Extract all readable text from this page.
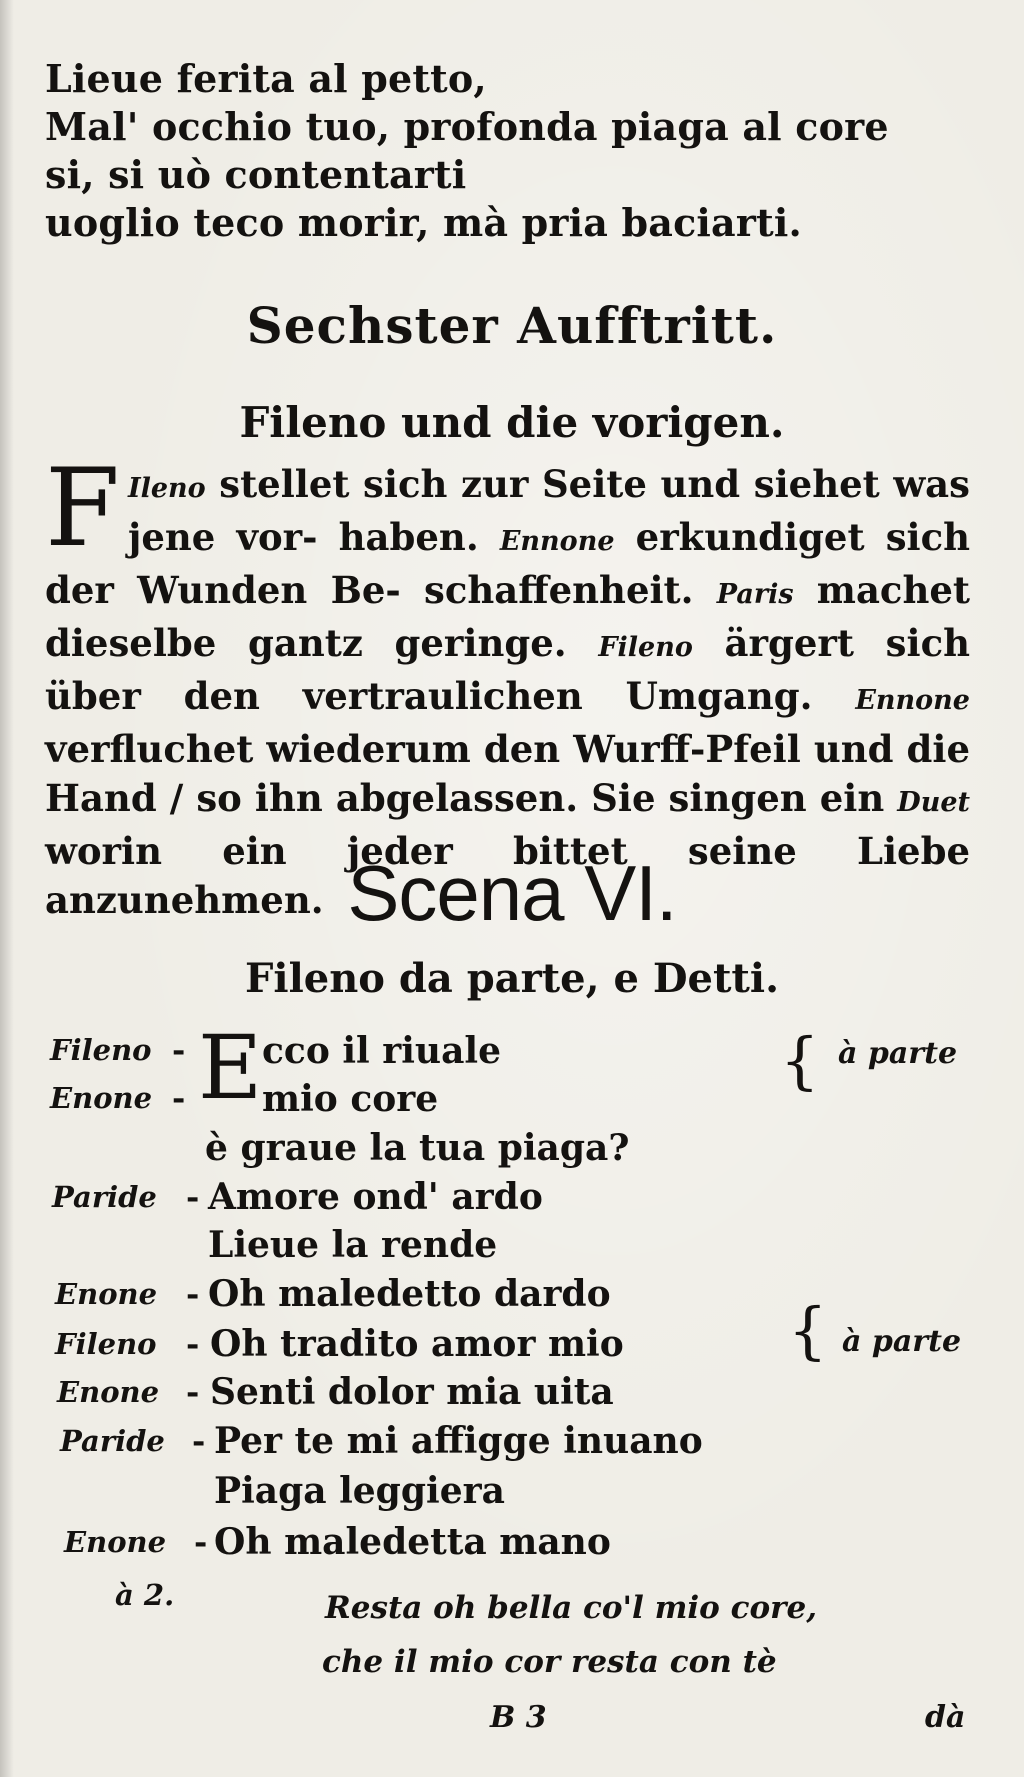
Lieue ferita al petto,
Mal' occhio tuo, profonda piaga al core
si, si uò contentarti
uoglio teco morir, mà pria baciarti.
Sechster Aufftritt.
Fileno und die vorigen.
F Ileno stellet sich zur Seite und siehet was jene vor- haben. Ennone erkundiget sich der Wunden Be- schaffenheit. Paris machet dieselbe gantz geringe. Fileno ärgert sich über den vertraulichen Umgang. Ennone verfluchet wiederum den Wurff-Pfeil und die Hand / so ihn abgelassen. Sie singen ein Duet worin ein jeder bittet seine Liebe anzunehmen. Scena VI.
Fileno da parte, e Detti.
Fileno - E cco il riuale
Enone - mio core
{ à parte
è graue la tua piaga?
Paride - Amore ond' ardo
Lieue la rende
Enone - Oh maledetto dardo
Fileno - Oh tradito amor mio	{ à parte
Enone - Senti dolor mia uita
Paride - Per te mi affigge inuano
Piaga leggiera
Enone - Oh maledetta mano
à 2.	Resta oh bella co'l mio core,
che il mio cor resta con tè
B 3	dà
